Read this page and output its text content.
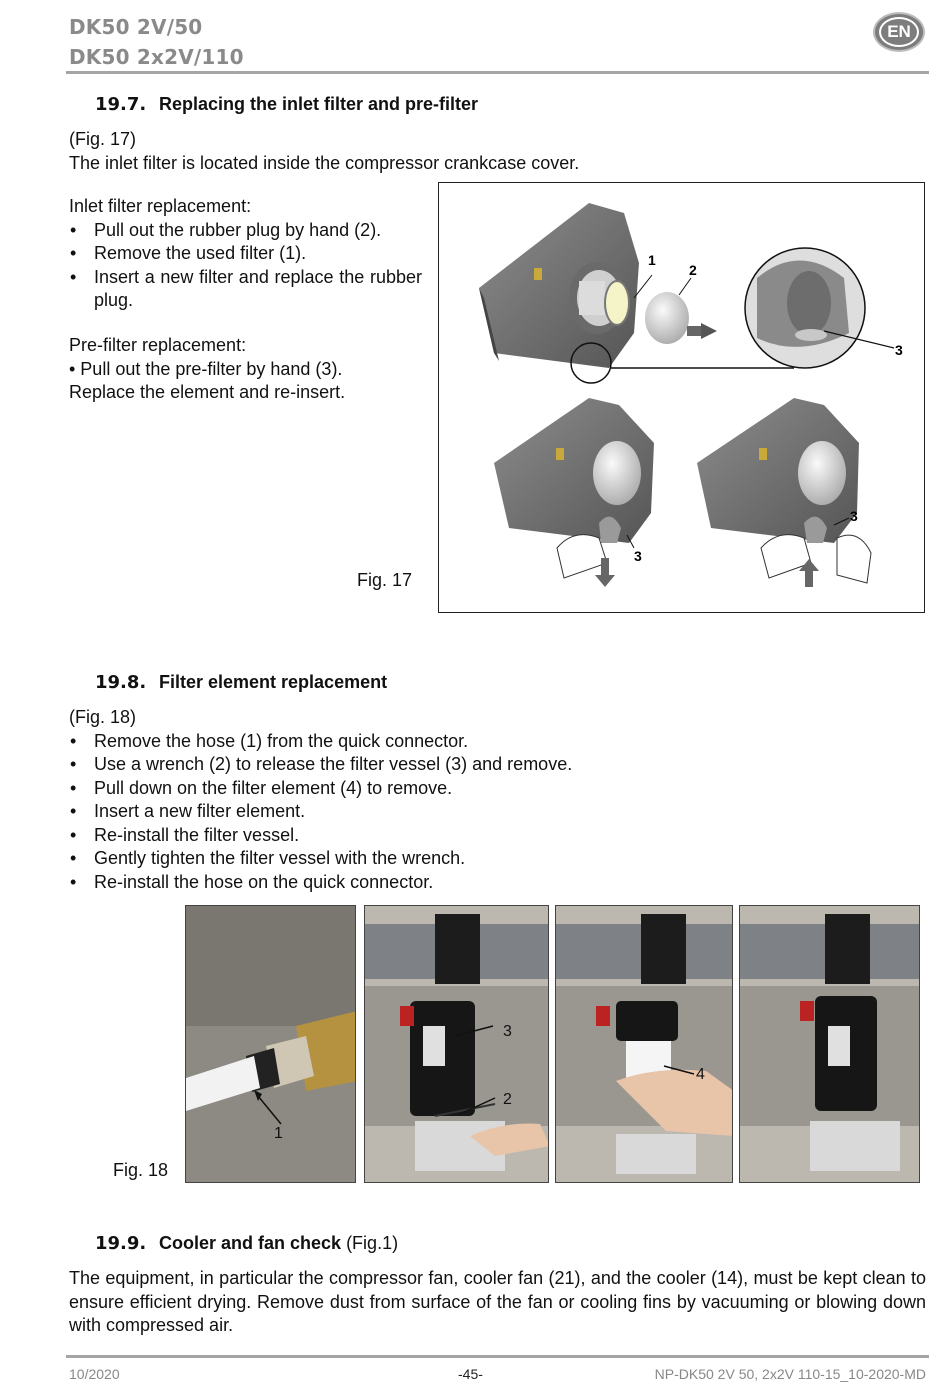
DK50 2V/50
DK50 2x2V/110
EN
19.7. Replacing the inlet filter and pre-filter
(Fig. 17)
The inlet filter is located inside the compressor crankcase cover.
Inlet filter replacement:
• Pull out the rubber plug by hand (2).
• Remove the used filter (1).
• Insert a new filter and replace the rubber plug.
Pre-filter replacement:
• Pull out the pre-filter by hand (3).
Replace the element and re-insert.
Fig. 17
1
2
3
3
3
19.8. Filter element replacement
(Fig. 18)
• Remove the hose (1) from the quick connector.
• Use a wrench (2) to release the filter vessel (3) and remove.
• Pull down on the filter element (4) to remove.
• Insert a new filter element.
• Re-install the filter vessel.
• Gently tighten the filter vessel with the wrench.
• Re-install the hose on the quick connector.
Fig. 18
1
3
2
4
19.9. Cooler and fan check (Fig.1)
The equipment, in particular the compressor fan, cooler fan (21), and the cooler (14), must be kept clean to ensure efficient drying. Remove dust from surface of the fan or cooling fins by vacuuming or blowing down with compressed air.
10/2020	-45-	NP-DK50 2V 50, 2x2V 110-15_10-2020-MD
